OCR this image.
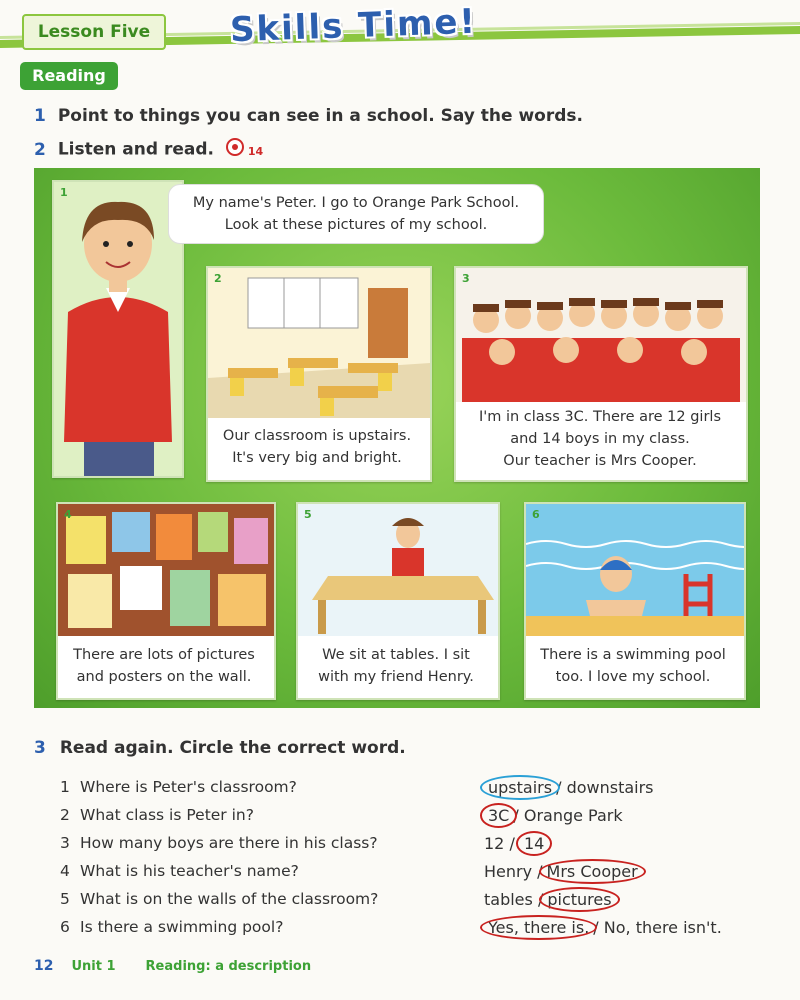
Lesson Five	Skills Time!
Reading
1 Point to things you can see in a school. Say the words.
2 Listen and read.	14
1
My name's Peter. I go to Orange Park School.
Look at these pictures of my school.
2
Our classroom is upstairs.
It's very big and bright.
3
I'm in class 3C. There are 12 girls
and 14 boys in my class.
Our teacher is Mrs Cooper.
4
There are lots of pictures
and posters on the wall.
5
We sit at tables. I sit
with my friend Henry.
6
There is a swimming pool
too. I love my school.
3 Read again. Circle the correct word.
1 Where is Peter's classroom?
2 What class is Peter in?
3 How many boys are there in his class?
4 What is his teacher's name?
5 What is on the walls of the classroom?
6 Is there a swimming pool?
upstairs / downstairs
3C / Orange Park
12 / 14
Henry / Mrs Cooper
tables / pictures
Yes, there is. / No, there isn't.
12 Unit 1 Reading: a description
